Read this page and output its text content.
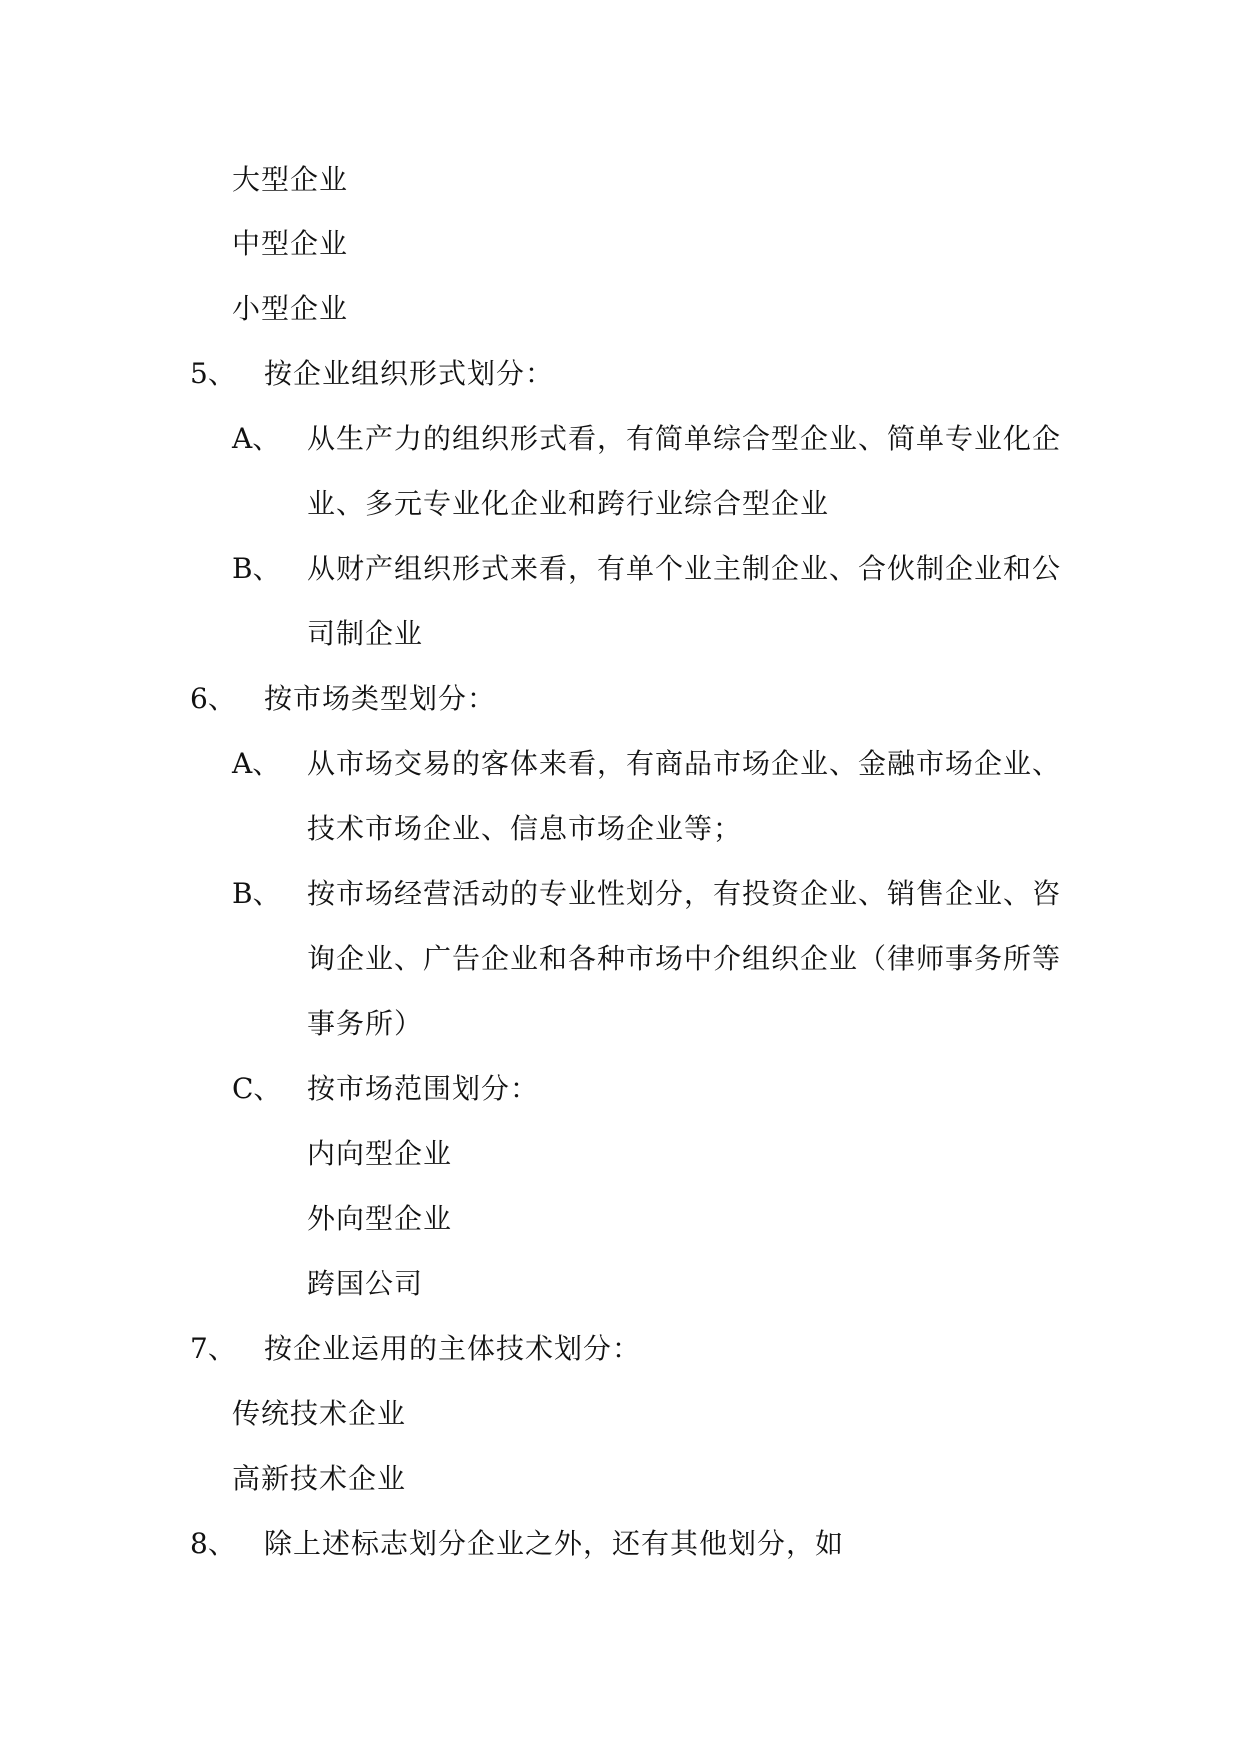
大型企业
中型企业
小型企业
5、 按企业组织形式划分：
A、 从生产力的组织形式看，有简单综合型企业、简单专业化企
业、多元专业化企业和跨行业综合型企业
B、 从财产组织形式来看，有单个业主制企业、合伙制企业和公
司制企业
6、 按市场类型划分：
A、 从市场交易的客体来看，有商品市场企业、金融市场企业、
技术市场企业、信息市场企业等；
B、 按市场经营活动的专业性划分，有投资企业、销售企业、咨
询企业、广告企业和各种市场中介组织企业（律师事务所等
事务所）
C、 按市场范围划分：
内向型企业
外向型企业
跨国公司
7、 按企业运用的主体技术划分：
传统技术企业
高新技术企业
8、 除上述标志划分企业之外，还有其他划分，如
